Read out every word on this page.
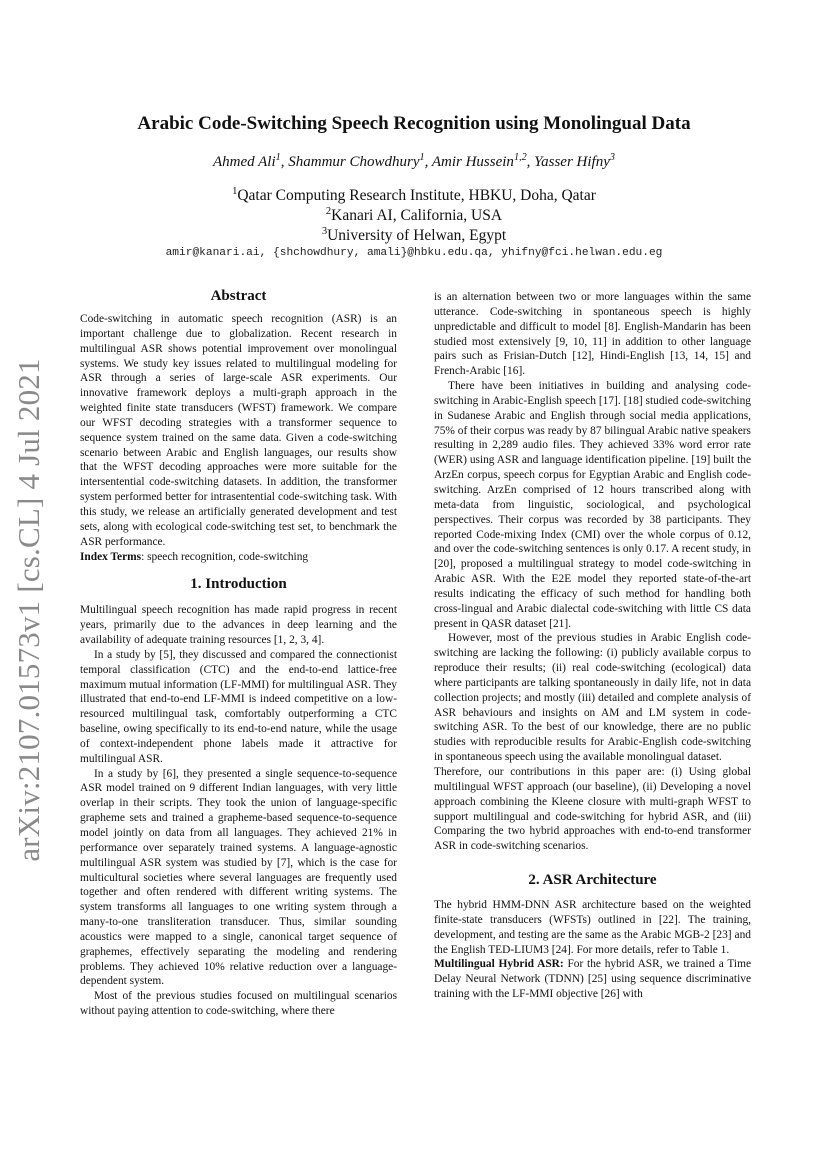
arXiv:2107.01573v1 [cs.CL] 4 Jul 2021
Arabic Code-Switching Speech Recognition using Monolingual Data
Ahmed Ali$^1$, Shammur Chowdhury$^1$, Amir Hussein$^{1,2}$, Yasser Hifny$^3$
$^1$Qatar Computing Research Institute, HBKU, Doha, Qatar
$^2$Kanari AI, California, USA
$^3$University of Helwan, Egypt
amir@kanari.ai, {shchowdhury, amali}@hbku.edu.qa, yhifny@fci.helwan.edu.eg
Abstract

Code-switching in automatic speech recognition (ASR) is an important challenge due to globalization. Recent research in multilingual ASR shows potential improvement over monolingual systems. We study key issues related to multilingual modeling for ASR through a series of large-scale ASR experiments. Our innovative framework deploys a multi-graph approach in the weighted finite state transducers (WFST) framework. We compare our WFST decoding strategies with a transformer sequence to sequence system trained on the same data. Given a code-switching scenario between Arabic and English languages, our results show that the WFST decoding approaches were more suitable for the intersentential code-switching datasets. In addition, the transformer system performed better for intrasentential code-switching task. With this study, we release an artificially generated development and test sets, along with ecological code-switching test set, to benchmark the ASR performance.

Index Terms: speech recognition, code-switching

1. Introduction

Multilingual speech recognition has made rapid progress in recent years, primarily due to the advances in deep learning and the availability of adequate training resources [1, 2, 3, 4].

In a study by [5], they discussed and compared the connectionist temporal classification (CTC) and the end-to-end lattice-free maximum mutual information (LF-MMI) for multilingual ASR. They illustrated that end-to-end LF-MMI is indeed competitive on a low-resourced multilingual task, comfortably outperforming a CTC baseline, owing specifically to its end-to-end nature, while the usage of context-independent phone labels made it attractive for multilingual ASR.

In a study by [6], they presented a single sequence-to-sequence ASR model trained on 9 different Indian languages, with very little overlap in their scripts. They took the union of language-specific grapheme sets and trained a grapheme-based sequence-to-sequence model jointly on data from all languages. They achieved 21% in performance over separately trained systems. A language-agnostic multilingual ASR system was studied by [7], which is the case for multicultural societies where several languages are frequently used together and often rendered with different writing systems. The system transforms all languages to one writing system through a many-to-one transliteration transducer. Thus, similar sounding acoustics were mapped to a single, canonical target sequence of graphemes, effectively separating the modeling and rendering problems. They achieved 10% relative reduction over a language-dependent system.

Most of the previous studies focused on multilingual scenarios without paying attention to code-switching, where there

is an alternation between two or more languages within the same utterance. Code-switching in spontaneous speech is highly unpredictable and difficult to model [8]. English-Mandarin has been studied most extensively [9, 10, 11] in addition to other language pairs such as Frisian-Dutch [12], Hindi-English [13, 14, 15] and French-Arabic [16].

There have been initiatives in building and analysing code-switching in Arabic-English speech [17]. [18] studied code-switching in Sudanese Arabic and English through social media applications, 75% of their corpus was ready by 87 bilingual Arabic native speakers resulting in 2,289 audio files. They achieved 33% word error rate (WER) using ASR and language identification pipeline. [19] built the ArzEn corpus, speech corpus for Egyptian Arabic and English code-switching. ArzEn comprised of 12 hours transcribed along with meta-data from linguistic, sociological, and psychological perspectives. Their corpus was recorded by 38 participants. They reported Code-mixing Index (CMI) over the whole corpus of 0.12, and over the code-switching sentences is only 0.17. A recent study, in [20], proposed a multilingual strategy to model code-switching in Arabic ASR. With the E2E model they reported state-of-the-art results indicating the efficacy of such method for handling both cross-lingual and Arabic dialectal code-switching with little CS data present in QASR dataset [21].

However, most of the previous studies in Arabic English code-switching are lacking the following: (i) publicly available corpus to reproduce their results; (ii) real code-switching (ecological) data where participants are talking spontaneously in daily life, not in data collection projects; and mostly (iii) detailed and complete analysis of ASR behaviours and insights on AM and LM system in code-switching ASR. To the best of our knowledge, there are no public studies with reproducible results for Arabic-English code-switching in spontaneous speech using the available monolingual dataset.

Therefore, our contributions in this paper are: (i) Using global multilingual WFST approach (our baseline), (ii) Developing a novel approach combining the Kleene closure with multi-graph WFST to support multilingual and code-switching for hybrid ASR, and (iii) Comparing the two hybrid approaches with end-to-end transformer ASR in code-switching scenarios.

2. ASR Architecture

The hybrid HMM-DNN ASR architecture based on the weighted finite-state transducers (WFSTs) outlined in [22]. The training, development, and testing are the same as the Arabic MGB-2 [23] and the English TED-LIUM3 [24]. For more details, refer to Table 1.

Multilingual Hybrid ASR: For the hybrid ASR, we trained a Time Delay Neural Network (TDNN) [25] using sequence discriminative training with the LF-MMI objective [26] with
